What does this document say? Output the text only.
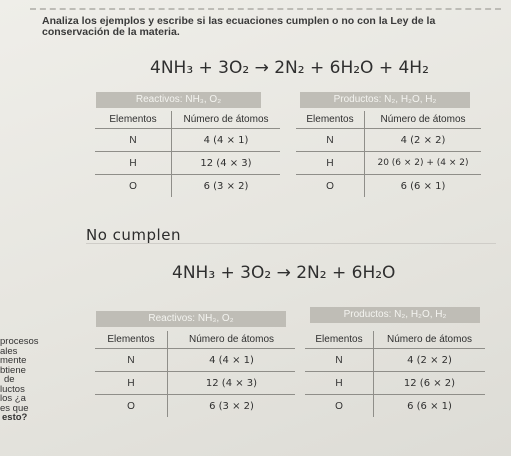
Analiza los ejemplos y escribe si las ecuaciones cumplen o no con la Ley de la conservación de la materia.
4NH₃ + 3O₂ → 2N₂ + 6H₂O + 4H₂
Reactivos: NH₃, O₂
Elementos	Número de átomos
N	4 (4 × 1)
H	12 (4 × 3)
O	6 (3 × 2)
Productos: N₂, H₂O, H₂
Elementos	Número de átomos
N	4 (2 × 2)
H	20 (6 × 2) + (4 × 2)
O	6 (6 × 1)
No cumplen
4NH₃ + 3O₂ → 2N₂ + 6H₂O
Reactivos: NH₃, O₂
Elementos	Número de átomos
N	4 (4 × 1)
H	12 (4 × 3)
O	6 (3 × 2)
Productos: N₂, H₂O, H₂
Elementos	Número de átomos
N	4 (2 × 2)
H	12 (6 × 2)
O	6 (6 × 1)
procesos
ales
mente
btiene
de
luctos
los ¿a
es que
esto?
